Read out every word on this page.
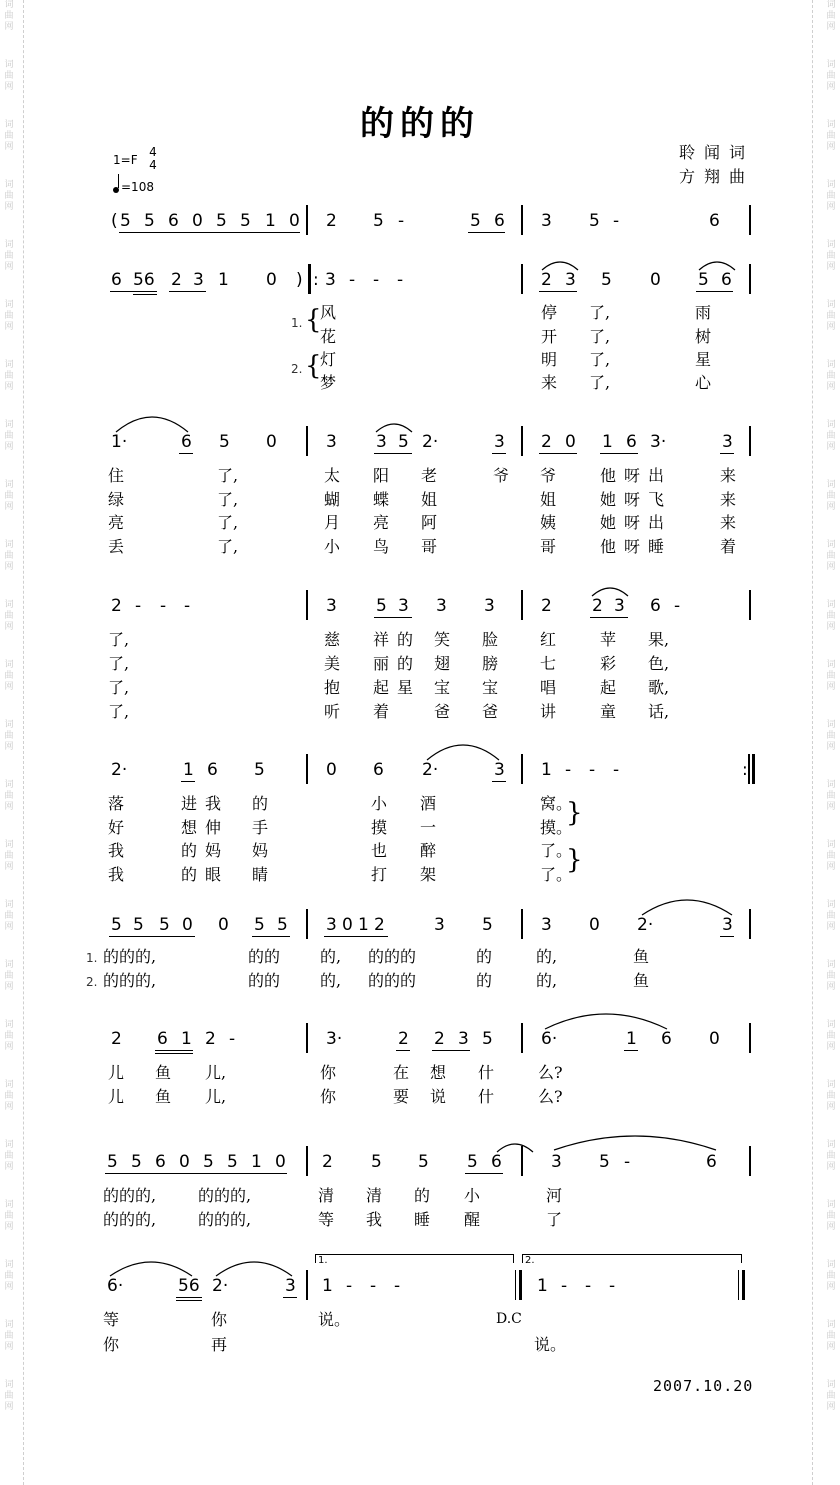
词
曲
网
词
曲
网
词
曲
网
词
曲
网
词
曲
网
词
曲
网
词
曲
网
词
曲
网
词
曲
网
词
曲
网
词
曲
网
词
曲
网
词
曲
网
词
曲
网
词
曲
网
词
曲
网
词
曲
网
词
曲
网
词
曲
网
词
曲
网
词
曲
网
词
曲
网
词
曲
网
词
曲
网
词
曲
网
词
曲
网
词
曲
网
词
曲
网
词
曲
网
词
曲
网
词
曲
网
词
曲
网
词
曲
网
词
曲
网
词
曲
网
词
曲
网
词
曲
网
词
曲
网
词
曲
网
词
曲
网
词
曲
网
词
曲
网
词
曲
网
词
曲
网
词
曲
网
词
曲
网
词
曲
网
词
曲
网
的的的
1=F
4
4
=108
聆闻词
方翔曲
( 5 5 6 0 5 5 1 0 2 5 -	5 6 3 5 -	6
6 56 2 3 1 0 ) : 3 - - -	2 3 5 0 5 6
1. {
2. {
风	停 了,	雨
花	开 了,	树
灯	明 了,	星
梦	来 了,	心
1·	6 5 0	3 3 5 2·	3 2 0 1 6 3·	3
住	了,	太 阳 老	爷 爷	他 呀 出	来
绿	了,	蝴 蝶 姐	姐	她 呀 飞	来
亮	了,	月 亮 阿	姨	她 呀 出	来
丢	了,	小 鸟 哥	哥	他 呀 睡	着
2 - - -	3 5 3 3 3	2 2 3 6 -
了,	慈 祥 的 笑 脸	红	苹 果,
了,	美 丽 的 翅 膀	七	彩 色,
了,	抱 起 星 宝 宝	唱	起 歌,
了,	听 着	爸 爸	讲	童 话,
2·	1 6 5	0 6 2·	3 1 - - -	:
落	进 我 的	小 酒	窝。
好	想 伸 手	摸 一	摸。
}
我	的 妈 妈	也 醉	了。
我	的 眼 睛	打 架	了。
}
5 5 5 0 0 5 5 3 0 1 2	3 5	3 0 2·	3
1.
2.
的的的,	的的 的, 的的的	的	的,	鱼
的的的,	的的 的, 的的的	的	的,	鱼
2 6 1 2 -	3·	2 2 3 5	6·	1 6 0
儿 鱼 儿,	你	在 想 什	么?
儿 鱼 儿,	你	要 说 什	么?
5 5 6 0 5 5 1 0 2 5 5 5 6	3 5 -	6
的的的,	的的的,	清 清 的 小	河
的的的,	的的的,	等 我 睡 醒	了
1.	2.
6·	56 2·	3 1 - - -	1 - - -
等	你	说。	D.C
你	再	说。
2007.10.20
